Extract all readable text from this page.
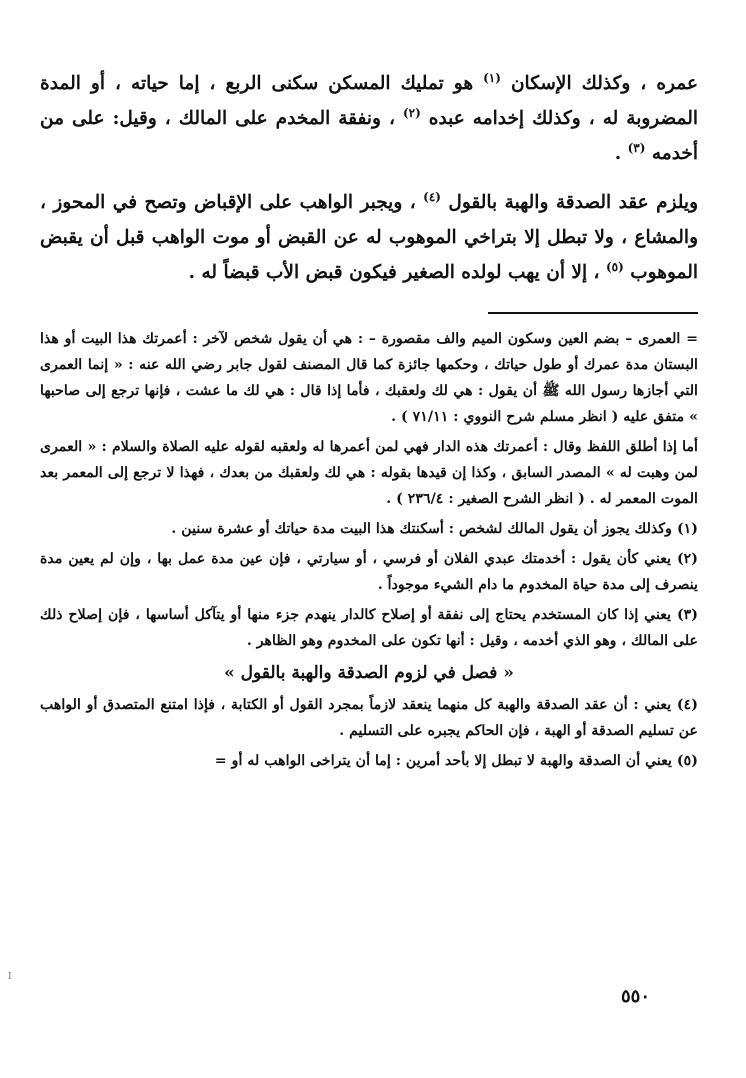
عمره ، وكذلك الإسكان $^{(١)}$ هو تمليك المسكن سكنى الربع ، إما حياته ، أو المدة المضروبة له ، وكذلك إخدامه عبده $^{(٢)}$ ، ونفقة المخدم على المالك ، وقيل: على من أخدمه $^{(٣)}$ .

ويلزم عقد الصدقة والهبة بالقول $^{(٤)}$ ، ويجبر الواهب على الإقباض وتصح في المحوز ، والمشاع ، ولا تبطل إلا بتراخي الموهوب له عن القبض أو موت الواهب قبل أن يقبض الموهوب $^{(٥)}$ ، إلا أن يهب لولده الصغير فيكون قبض الأب قبضاً له .

= العمرى – بضم العين وسكون الميم والف مقصورة – : هي أن يقول شخص لآخر : أعمرتك هذا البيت أو هذا البستان مدة عمرك أو طول حياتك ، وحكمها جائزة كما قال المصنف لقول جابر رضي الله عنه : « إنما العمرى التي أجازها رسول الله ﷺ أن يقول : هي لك ولعقبك ، فأما إذا قال : هي لك ما عشت ، فإنها ترجع إلى صاحبها » متفق عليه ( انظر مسلم شرح النووي : ٧١/١١ ) .

أما إذا أطلق اللفظ وقال : أعمرتك هذه الدار فهي لمن أعمرها له ولعقبه لقوله عليه الصلاة والسلام : « العمرى لمن وهبت له » المصدر السابق ، وكذا إن قيدها بقوله : هي لك ولعقبك من بعدك ، فهذا لا ترجع إلى المعمر بعد الموت المعمر له . ( انظر الشرح الصغير : ٢٣٦/٤ ) .

(١) وكذلك يجوز أن يقول المالك لشخص : أسكنتك هذا البيت مدة حياتك أو عشرة سنين .

(٢) يعني كأن يقول : أخدمتك عبدي الفلان أو فرسي ، أو سيارتي ، فإن عين مدة عمل بها ، وإن لم يعين مدة ينصرف إلى مدة حياة المخدوم ما دام الشيء موجوداً .

(٣) يعني إذا كان المستخدم يحتاج إلى نفقة أو إصلاح كالدار ينهدم جزء منها أو يتآكل أساسها ، فإن إصلاح ذلك على المالك ، وهو الذي أخدمه ، وقيل : أنها تكون على المخدوم وهو الظاهر .

« فصل في لزوم الصدقة والهبة بالقول »

(٤) يعني : أن عقد الصدقة والهبة كل منهما ينعقد لازماً بمجرد القول أو الكتابة ، فإذا امتنع المتصدق أو الواهب عن تسليم الصدقة أو الهبة ، فإن الحاكم يجبره على التسليم .

(٥) يعني أن الصدقة والهبة لا تبطل إلا بأحد أمرين : إما أن يتراخى الواهب له أو =

٥٥٠
I
